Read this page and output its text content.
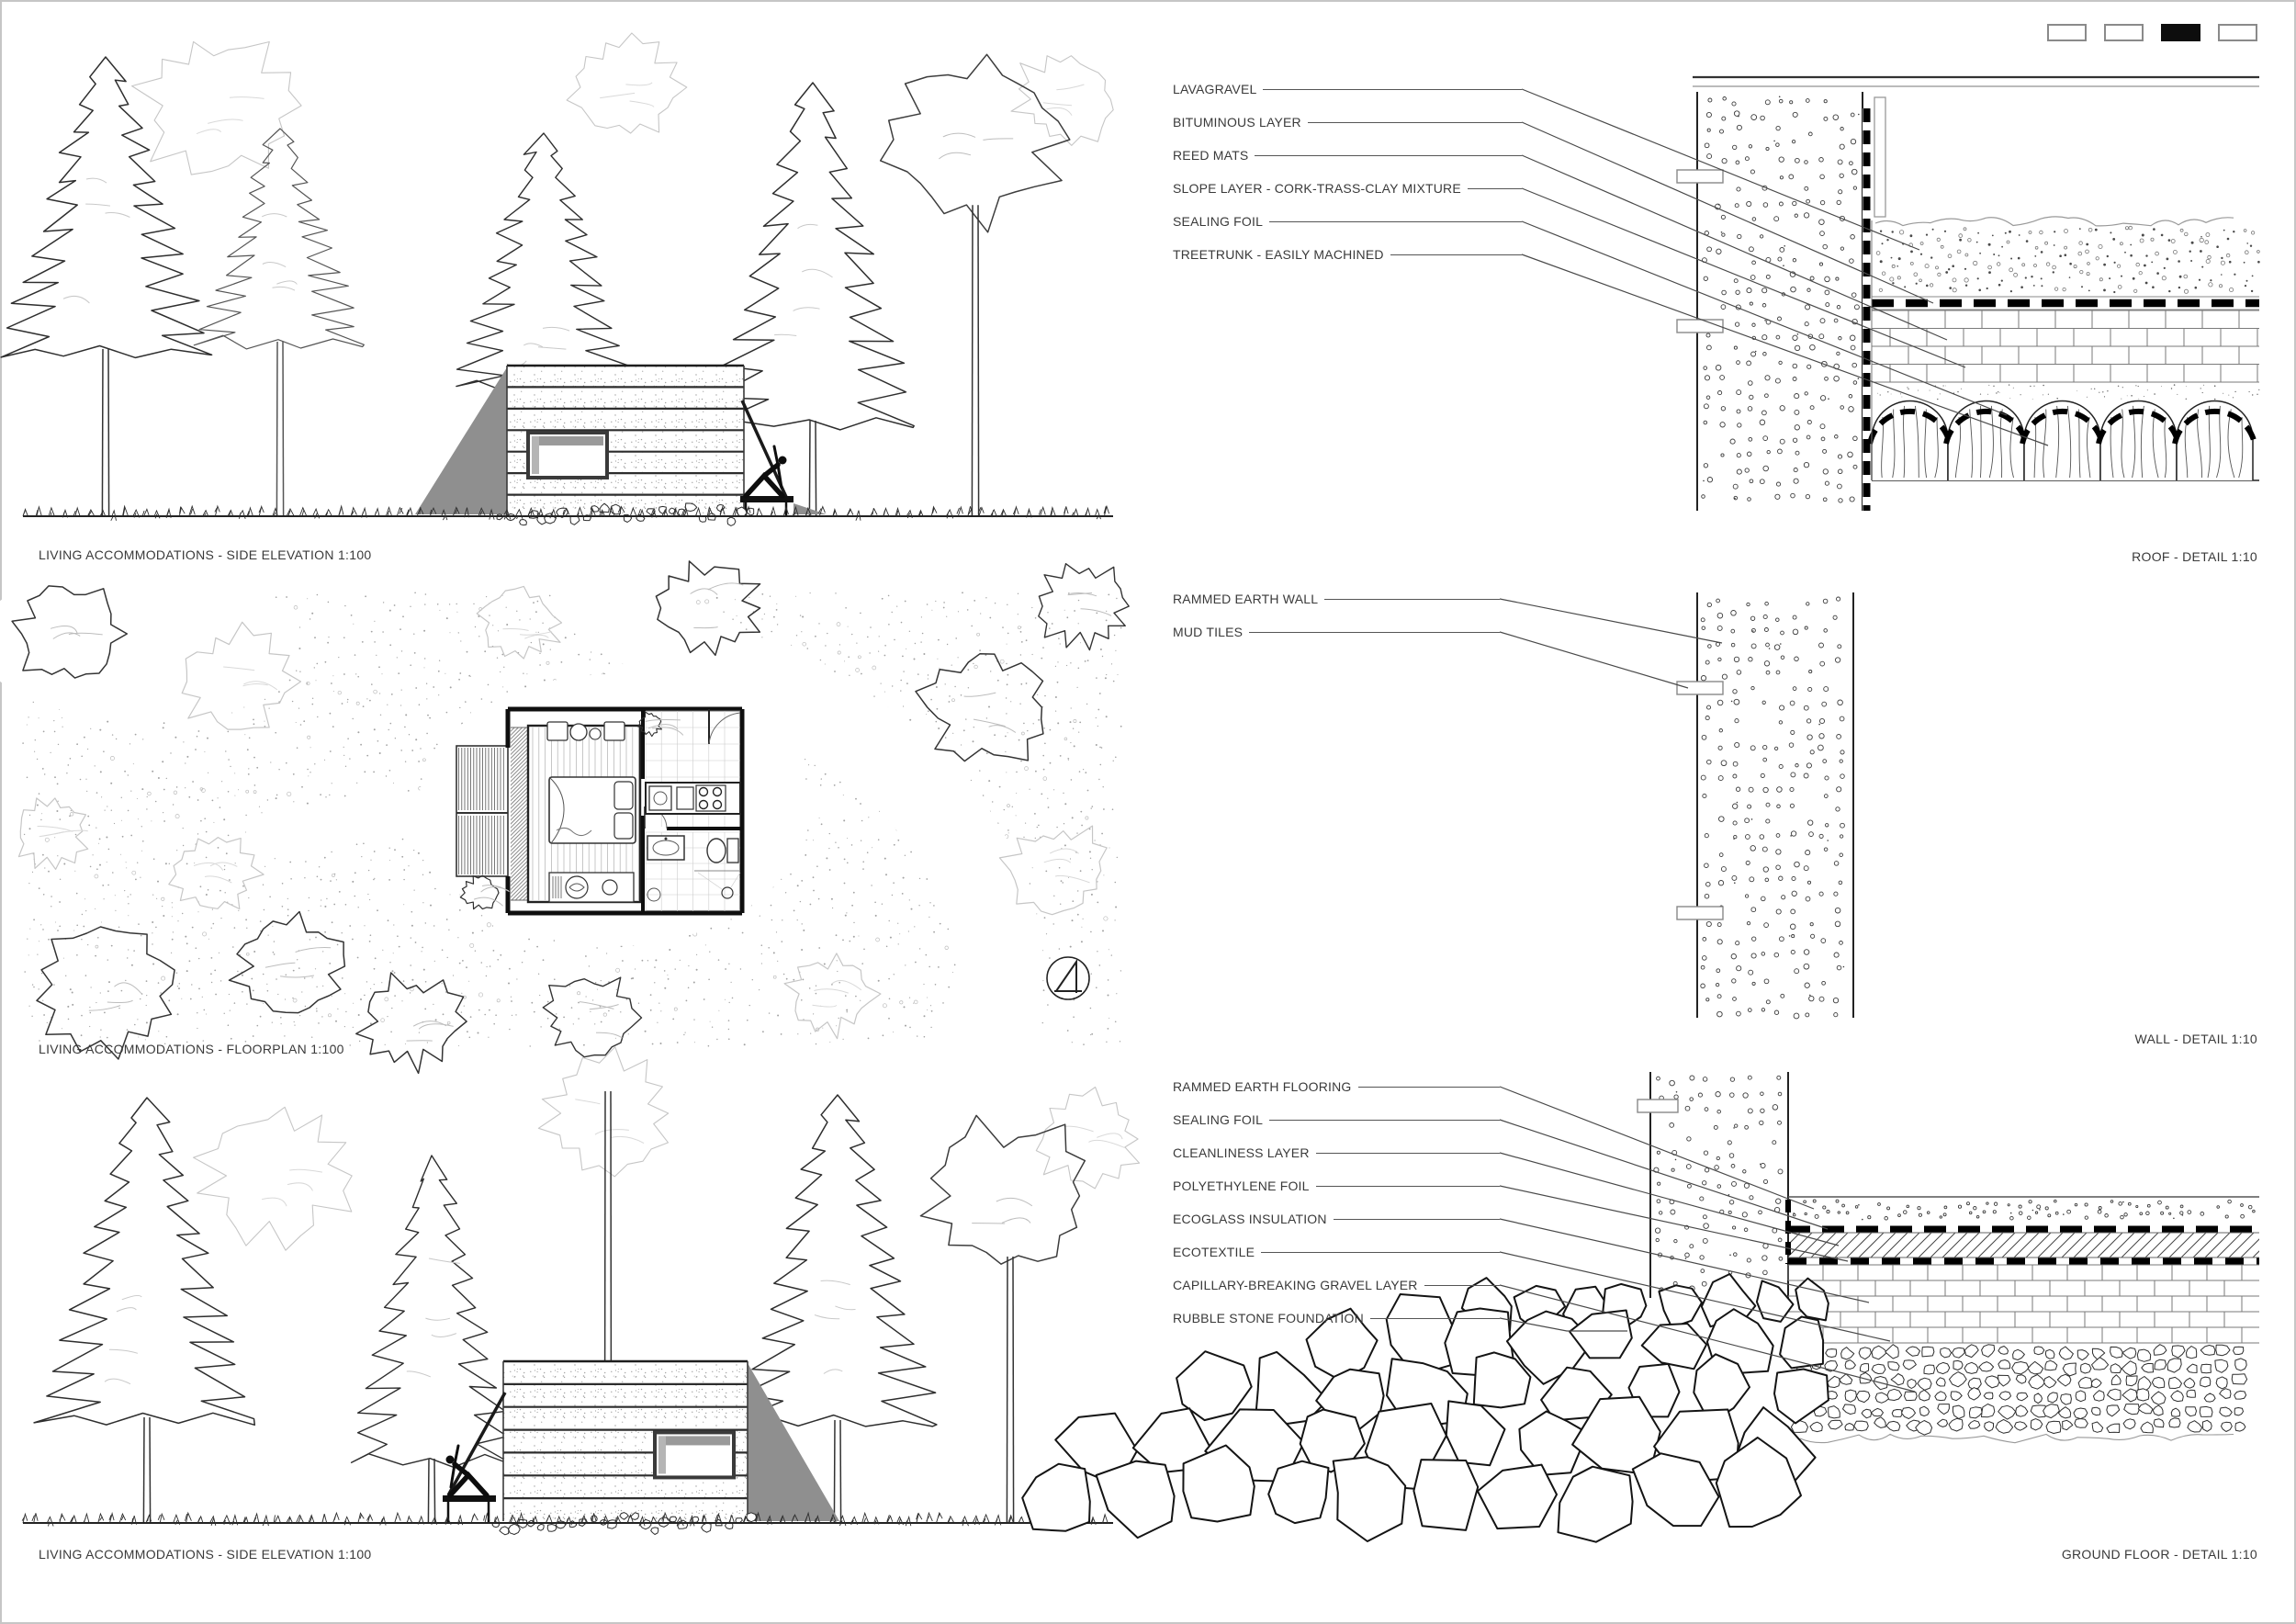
LAVAGRAVEL
BITUMINOUS LAYER
REED MATS
SLOPE LAYER - CORK-TRASS-CLAY MIXTURE
SEALING FOIL
TREETRUNK - EASILY MACHINED
RAMMED EARTH WALL
MUD TILES
RAMMED EARTH FLOORING
SEALING FOIL
CLEANLINESS LAYER
POLYETHYLENE FOIL
ECOGLASS INSULATION
ECOTEXTILE
CAPILLARY-BREAKING GRAVEL LAYER
RUBBLE STONE FOUNDATION
LIVING ACCOMMODATIONS - SIDE ELEVATION 1:100
LIVING ACCOMMODATIONS - FLOORPLAN 1:100
LIVING ACCOMMODATIONS - SIDE ELEVATION 1:100
ROOF - DETAIL 1:10
WALL - DETAIL 1:10
GROUND FLOOR - DETAIL 1:10
